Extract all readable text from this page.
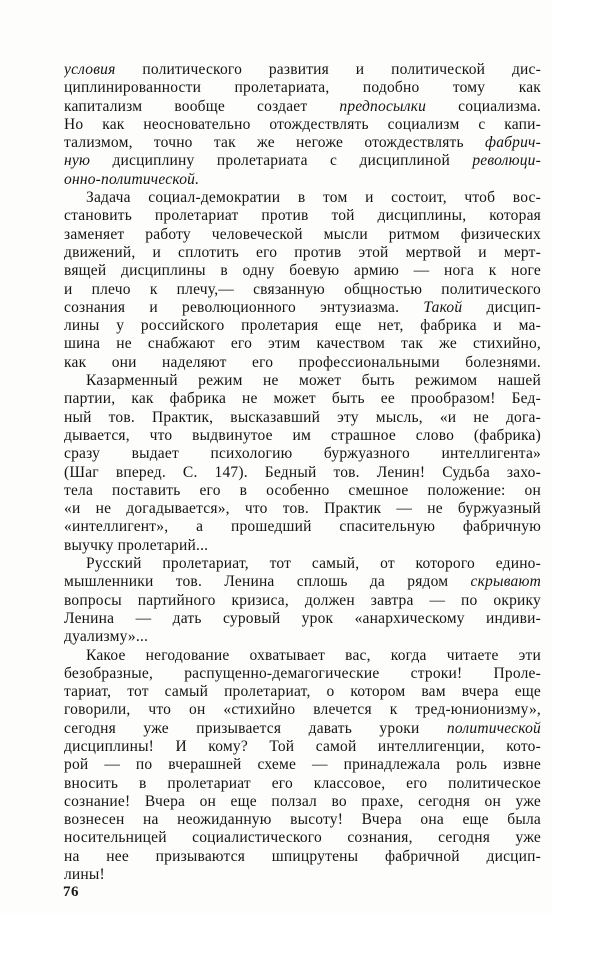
условия политического развития и политической дис-
циплинированности пролетариата, подобно тому как
капитализм вообще создает предпосылки социализма.
Но как неосновательно отождествлять социализм с капи-
тализмом, точно так же негоже отождествлять фабрич-
ную дисциплину пролетариата с дисциплиной революци-
онно-политической.
Задача социал-демократии в том и состоит, чтоб вос-
становить пролетариат против той дисциплины, которая
заменяет работу человеческой мысли ритмом физических
движений, и сплотить его против этой мертвой и мерт-
вящей дисциплины в одну боевую армию — нога к ноге
и плечо к плечу,— связанную общностью политического
сознания и революционного энтузиазма. Такой дисцип-
лины у российского пролетария еще нет, фабрика и ма-
шина не снабжают его этим качеством так же стихийно,
как они наделяют его профессиональными болезнями.
Казарменный режим не может быть режимом нашей
партии, как фабрика не может быть ее прообразом! Бед-
ный тов. Практик, высказавший эту мысль, «и не дога-
дывается, что выдвинутое им страшное слово (фабрика)
сразу выдает психологию буржуазного интеллигента»
(Шаг вперед. С. 147). Бедный тов. Ленин! Судьба захо-
тела поставить его в особенно смешное положение: он
«и не догадывается», что тов. Практик — не буржуазный
«интеллигент», а прошедший спасительную фабричную
выучку пролетарий...
Русский пролетариат, тот самый, от которого едино-
мышленники тов. Ленина сплошь да рядом скрывают
вопросы партийного кризиса, должен завтра — по окрику
Ленина — дать суровый урок «анархическому индиви-
дуализму»...
Какое негодование охватывает вас, когда читаете эти
безобразные, распущенно-демагогические строки! Проле-
тариат, тот самый пролетариат, о котором вам вчера еще
говорили, что он «стихийно влечется к тред-юнионизму»,
сегодня уже призывается давать уроки политической
дисциплины! И кому? Той самой интеллигенции, кото-
рой — по вчерашней схеме — принадлежала роль извне
вносить в пролетариат его классовое, его политическое
сознание! Вчера он еще ползал во прахе, сегодня он уже
вознесен на неожиданную высоту! Вчера она еще была
носительницей социалистического сознания, сегодня уже
на нее призываются шпицрутены фабричной дисцип-
лины!
76
